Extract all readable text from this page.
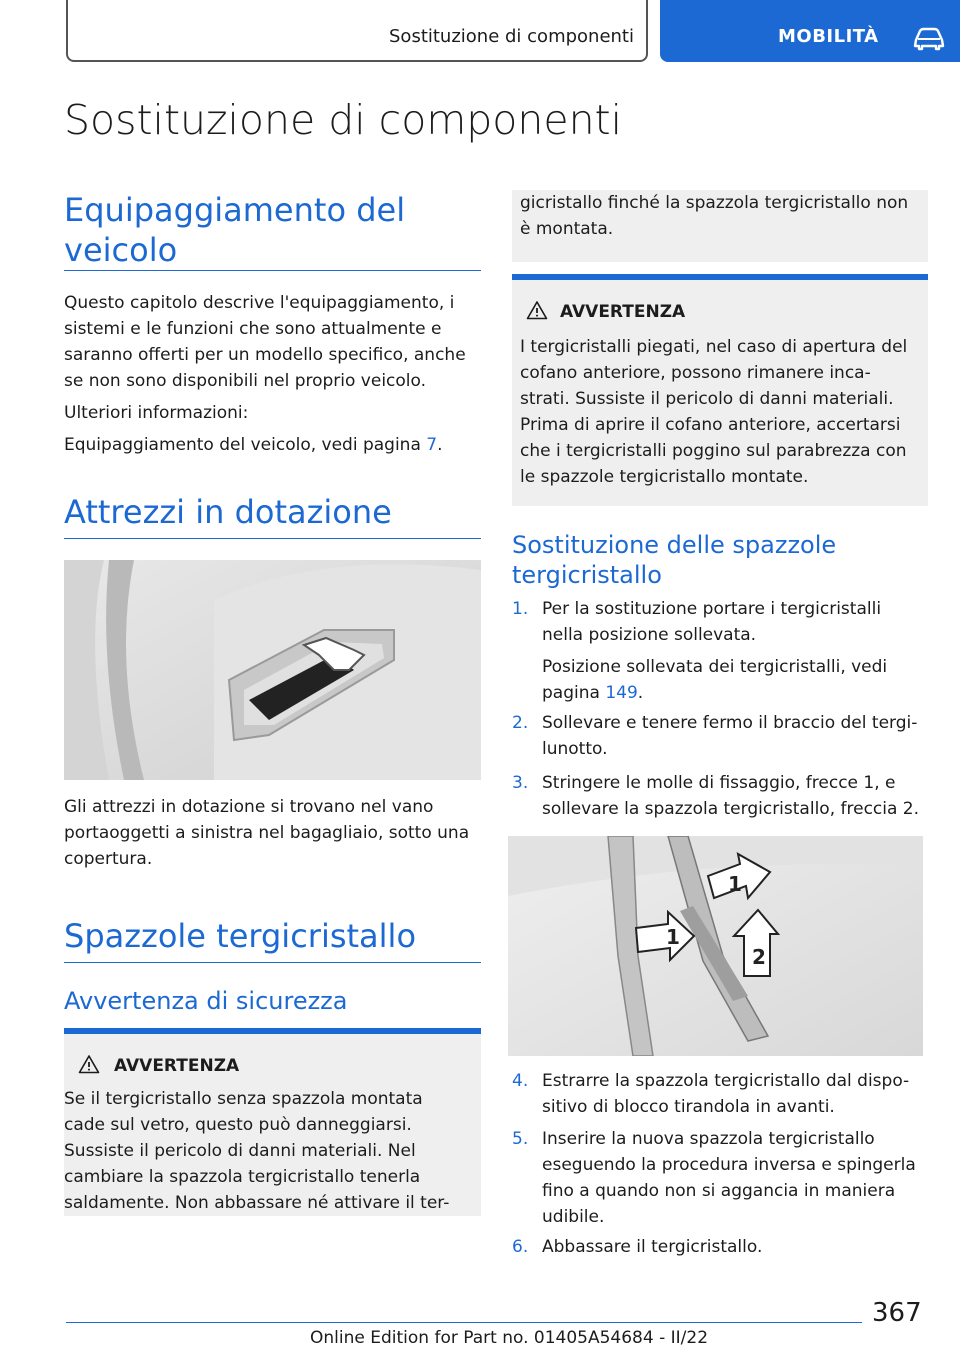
Sostituzione di componenti	MOBILITÀ
Sostituzione di componenti
Equipaggiamento del
veicolo
Questo capitolo descrive l'equipaggiamento, i
sistemi e le funzioni che sono attualmente e
saranno offerti per un modello specifico, anche
se non sono disponibili nel proprio veicolo.
Ulteriori informazioni:
Equipaggiamento del veicolo, vedi pagina 7.
Attrezzi in dotazione
Gli attrezzi in dotazione si trovano nel vano
portaoggetti a sinistra nel bagagliaio, sotto una
copertura.
Spazzole tergicristallo
Avvertenza di sicurezza
AVVERTENZA
Se il tergicristallo senza spazzola montata
cade sul vetro, questo può danneggiarsi.
Sussiste il pericolo di danni materiali. Nel
cambiare la spazzola tergicristallo tenerla
saldamente. Non abbassare né attivare il ter-
gicristallo finché la spazzola tergicristallo non
è montata.
AVVERTENZA
I tergicristalli piegati, nel caso di apertura del
cofano anteriore, possono rimanere inca-
strati. Sussiste il pericolo di danni materiali.
Prima di aprire il cofano anteriore, accertarsi
che i tergicristalli poggino sul parabrezza con
le spazzole tergicristallo montate.
Sostituzione delle spazzole
tergicristallo
1. Per la sostituzione portare i tergicristalli
nella posizione sollevata.
Posizione sollevata dei tergicristalli, vedi
pagina 149.
2. Sollevare e tenere fermo il braccio del tergi-
lunotto.
3. Stringere le molle di fissaggio, frecce 1, e
sollevare la spazzola tergicristallo, freccia 2.
1
1
2
4. Estrarre la spazzola tergicristallo dal dispo-
sitivo di blocco tirandola in avanti.
5. Inserire la nuova spazzola tergicristallo
eseguendo la procedura inversa e spingerla
fino a quando non si aggancia in maniera
udibile.
6. Abbassare il tergicristallo.
367
Online Edition for Part no. 01405A54684 - II/22
